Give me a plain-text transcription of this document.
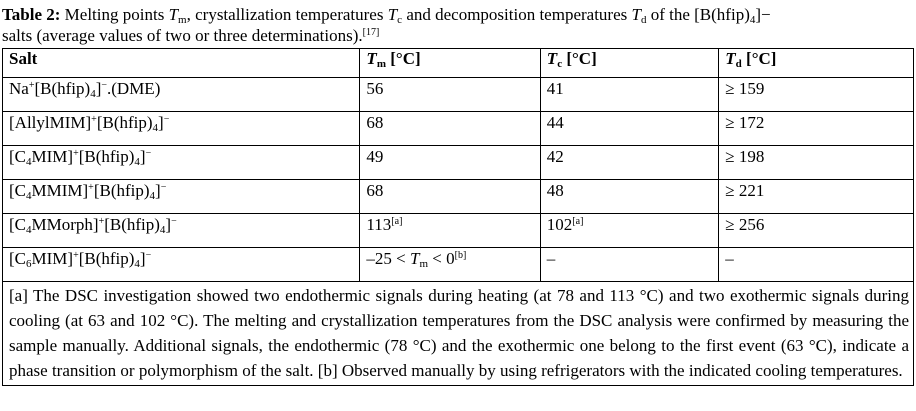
Table 2: Melting points $T_m$, crystallization temperatures $T_c$ and decomposition temperatures $T_d$ of the $[B(hfip)_4]-$
salts (average values of two or three determinations).[17]
Salt	$T_m$ [°C]	$T_c$ [°C]	$T_d$ [°C]
$Na^+[B(hfip)_4]^-.(DME)$	56	41	≥ 159
$[AllylMIM]^+[B(hfip)_4]^-$	68	44	≥ 172
$[C_4MIM]^+[B(hfip)_4]^-$	49	42	≥ 198
$[C_4MMIM]^+[B(hfip)_4]^-$	68	48	≥ 221
$[C_4MMorph]^+[B(hfip)_4]^-$	113[a]	102[a]	≥ 256
$[C_6MIM]^+[B(hfip)_4]^-$	$-25 < T_m < 0[b]$	–	–
[a] The DSC investigation showed two endothermic signals during heating (at 78 and 113 °C) and two exothermic signals during cooling (at 63 and 102 °C). The melting and crystallization temperatures from the DSC analysis were confirmed by measuring the sample manually. Additional signals, the endothermic (78 °C) and the exothermic one belong to the first event (63 °C), indicate a phase transition or polymorphism of the salt. [b] Observed manually by using refrigerators with the indicated cooling temperatures.
